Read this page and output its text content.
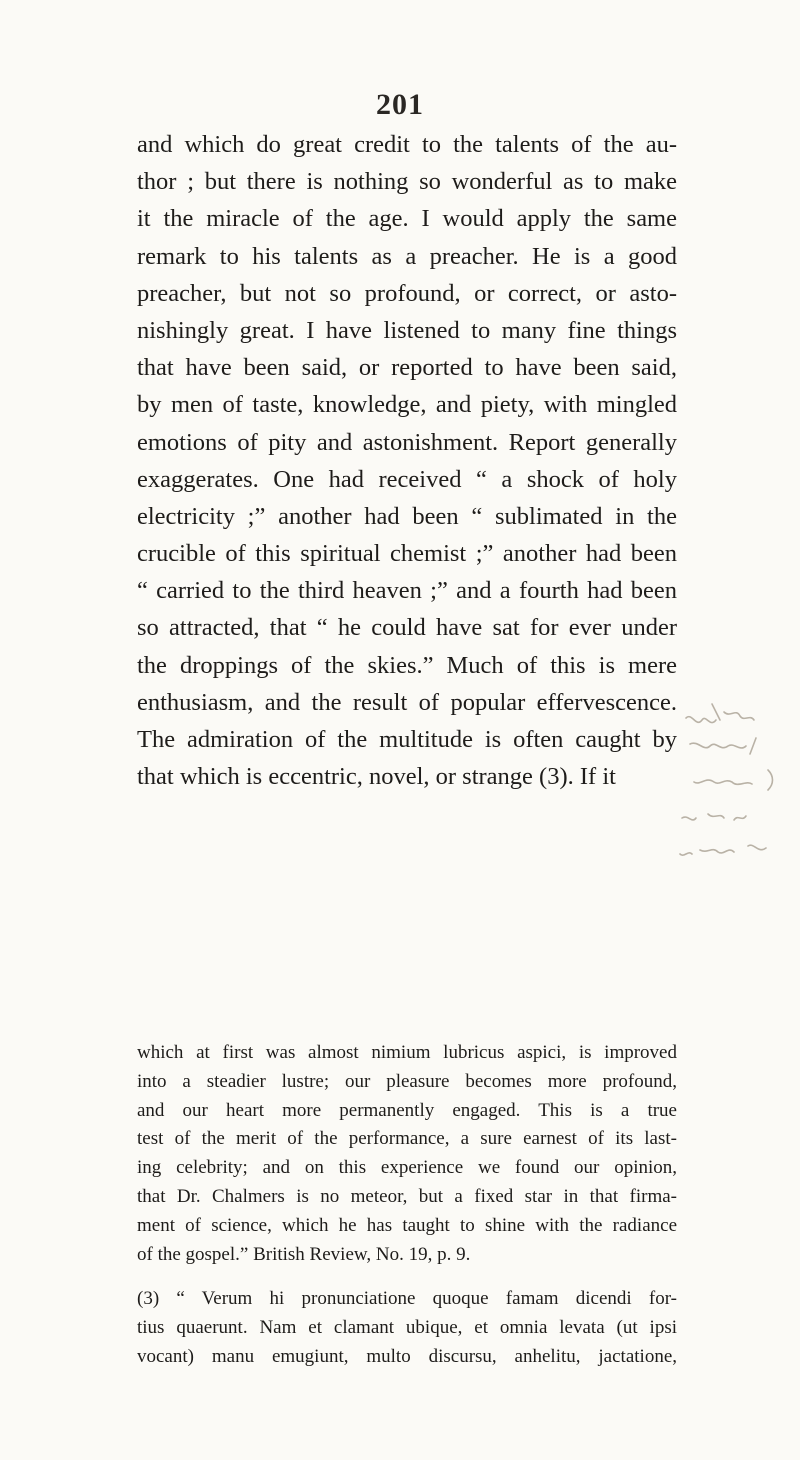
201
and which do great credit to the talents of the au-
thor ; but there is nothing so wonderful as to make
it the miracle of the age. I would apply the same
remark to his talents as a preacher. He is a good
preacher, but not so profound, or correct, or asto-
nishingly great. I have listened to many fine things
that have been said, or reported to have been said,
by men of taste, knowledge, and piety, with mingled
emotions of pity and astonishment. Report generally
exaggerates. One had received “ a shock of holy
electricity ;” another had been “ sublimated in the
crucible of this spiritual chemist ;” another had been
“ carried to the third heaven ;” and a fourth had been
so attracted, that “ he could have sat for ever under
the droppings of the skies.” Much of this is mere
enthusiasm, and the result of popular effervescence.
The admiration of the multitude is often caught by
that which is eccentric, novel, or strange (3). If it
which at first was almost nimium lubricus aspici, is improved
into a steadier lustre; our pleasure becomes more profound,
and our heart more permanently engaged. This is a true
test of the merit of the performance, a sure earnest of its last-
ing celebrity; and on this experience we found our opinion,
that Dr. Chalmers is no meteor, but a fixed star in that firma-
ment of science, which he has taught to shine with the radiance
of the gospel.” British Review, No. 19, p. 9.
(3) “ Verum hi pronunciatione quoque famam dicendi for-
tius quaerunt. Nam et clamant ubique, et omnia levata (ut ipsi
vocant) manu emugiunt, multo discursu, anhelitu, jactatione,
